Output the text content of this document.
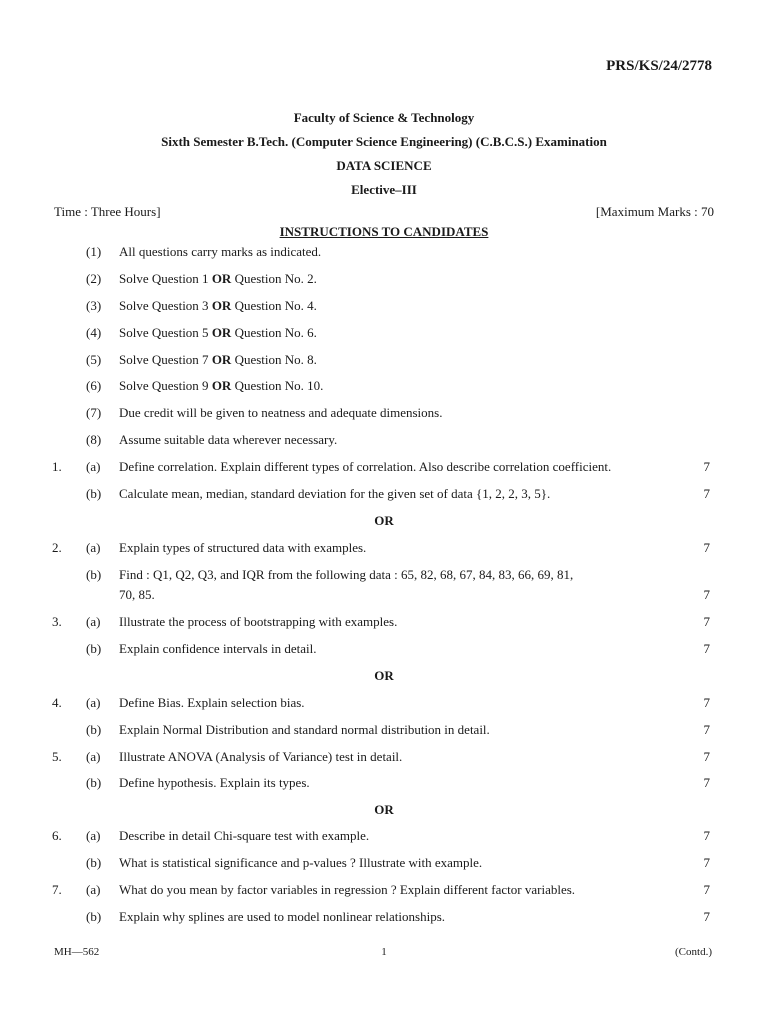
PRS/KS/24/2778
Faculty of Science & Technology
Sixth Semester B.Tech. (Computer Science Engineering) (C.B.C.S.) Examination
DATA SCIENCE
Elective–III
Time : Three Hours]	[Maximum Marks : 70
INSTRUCTIONS TO CANDIDATES
(1) All questions carry marks as indicated.
(2) Solve Question 1 OR Question No. 2.
(3) Solve Question 3 OR Question No. 4.
(4) Solve Question 5 OR Question No. 6.
(5) Solve Question 7 OR Question No. 8.
(6) Solve Question 9 OR Question No. 10.
(7) Due credit will be given to neatness and adequate dimensions.
(8) Assume suitable data wherever necessary.
1. (a) Define correlation. Explain different types of correlation. Also describe correlation coefficient.	7
(b) Calculate mean, median, standard deviation for the given set of data {1, 2, 2, 3, 5}.	7
OR
2. (a) Explain types of structured data with examples.	7
(b) Find : Q1, Q2, Q3, and IQR from the following data : 65, 82, 68, 67, 84, 83, 66, 69, 81,
70, 85.	7
3. (a) Illustrate the process of bootstrapping with examples.	7
(b) Explain confidence intervals in detail.	7
OR
4. (a) Define Bias. Explain selection bias.	7
(b) Explain Normal Distribution and standard normal distribution in detail.	7
5. (a) Illustrate ANOVA (Analysis of Variance) test in detail.	7
(b) Define hypothesis. Explain its types.	7
OR
6. (a) Describe in detail Chi-square test with example.	7
(b) What is statistical significance and p-values ? Illustrate with example.	7
7. (a) What do you mean by factor variables in regression ? Explain different factor variables.	7
(b) Explain why splines are used to model nonlinear relationships.	7
MH—562	1	(Contd.)
